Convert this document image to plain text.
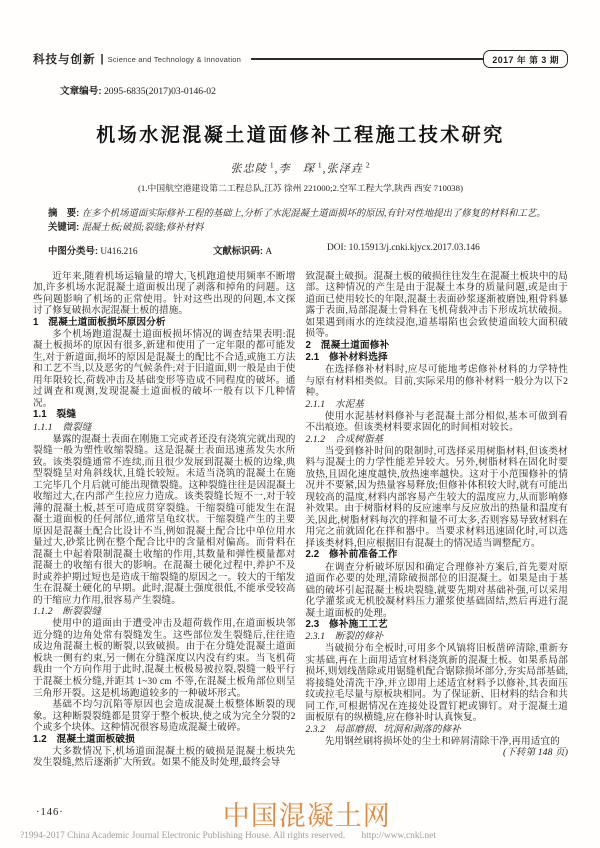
科技与创新 | Science and Technology & Innovation	2017 年 第 3 期
文章编号: 2095-6835(2017)03-0146-02
机场水泥混凝土道面修补工程施工技术研究
张忠陵 $^1$,李　琛 $^1$,张泽垚 $^2$
(1.中国航空港建设第二工程总队,江苏 徐州 221000;2.空军工程大学,陕西 西安 710038)
摘　要: 在多个机场道面实际修补工程的基础上,分析了水泥混凝土道面损坏的原因,有针对性地提出了修复的材料和工艺。
关键词: 混凝土板;破损;裂缝;修补材料
中图分类号: U416.216	文献标识码: A	DOI: 10.15913/j.cnki.kjycx.2017.03.146
近年来,随着机场运输量的增大,飞机跑道使用频率不断增加,许多机场水泥混凝土道面板出现了剥落和掉角的问题。这些问题影响了机场的正常使用。针对这些出现的问题,本文探讨了修复破损水泥混凝土板的措施。
1　混凝土道面板损坏原因分析
多个机场跑道混凝土道面板损坏情况的调查结果表明:混凝土板损坏的原因有很多,新建和使用了一定年限的都可能发生,对于新道面,损坏的原因是混凝土的配比不合适,或施工方法和工艺不当,以及恶劣的气候条件;对于旧道面,则一般是由于使用年限较长,荷载冲击及基础变形等造成不同程度的破坏。通过调查和观测,发现混凝土道面板的破坏一般有以下几种情况。
1.1　裂缝
1.1.1　微裂缝
暴露的混凝土表面在刚施工完或者还没有浇筑完就出现的裂缝一般为塑性收缩裂缝。这是混凝土表面迅速蒸发失水所致。该类裂缝通常不连续,而且很少发展到混凝土板的边缘,典型裂缝呈对角斜线状,且缝长较短。未适当浇筑的混凝土在施工完毕几个月后就可能出现微裂缝。这种裂缝往往是因混凝土收缩过大,在内部产生拉应力造成。该类裂缝长短不一,对于较薄的混凝土板,甚至可造成贯穿裂缝。干缩裂缝可能发生在混凝土道面板的任何部位,通常呈龟纹状。干缩裂缝产生的主要原因是混凝土配合比设计不当,例如混凝土配合比中单位用水量过大,砂浆比例在整个配合比中的含量相对偏高。而骨料在混凝土中起着限制混凝土收缩的作用,其数量和弹性模量都对混凝土的收缩有很大的影响。在混凝土硬化过程中,养护不及时或养护期过短也是造成干缩裂缝的原因之一。较大的干缩发生在混凝土硬化的早期。此时,混凝土强度很低,不能承受较高的干缩应力作用,很容易产生裂缝。
1.1.2　断裂裂缝
使用中的道面由于遭受冲击及超荷载作用,在道面板块邻近分缝的边角处常有裂缝发生。这些部位发生裂缝后,往往造成边角混凝土板的断裂,以致破损。由于在分缝处混凝土道面板块一侧有约束,另一侧在分缝深度以内没有约束。当飞机荷载由一个方向作用于此时,混凝土板极易被拉裂,裂缝一般平行于混凝土板分缝,并距其 1~30 cm 不等,在混凝土板角部位则呈三角形开裂。这是机场跑道较多的一种破坏形式。
基础不均匀沉陷等原因也会造成混凝土板整体断裂的现象。这种断裂裂缝都是贯穿于整个板块,使之成为完全分裂的2个或多个块体。这种情况很容易造成混凝土破碎。
1.2　混凝土道面板破损
大多数情况下,机场道面混凝土板的破损是混凝土板块先发生裂缝,然后逐渐扩大所致。如果不能及时处理,最终会导
致混凝土破损。混凝土板的破损往往发生在混凝土板块中的局部。这种情况的产生是由于混凝土本身的质量问题,或是由于道面已使用较长的年限,混凝土表面砂浆逐渐被磨蚀,粗骨料暴露于表面,局部混凝土骨料在飞机荷载冲击下形成坑状破损。如果遇到雨水的连续浸泡,道基塌陷也会致使道面较大面积破损等。
2　混凝土道面修补
2.1　修补材料选择
在选择修补材料时,应尽可能地考虑修补材料的力学特性与原有材料相类似。目前,实际采用的修补材料一般分为以下2种。
2.1.1　水泥基
使用水泥基材料修补与老混凝土部分相似,基本可做到看不出痕迹。但该类材料要求固化的时间相对较长。
2.1.2　合成树脂基
当受到修补时间的限制时,可选择采用树脂材料,但该类材料与混凝土的力学性能差异较大。另外,树脂材料在固化时要放热,且固化速度越快,放热速率越快。这对于小范围修补的情况并不要紧,因为热量容易释放;但修补体积较大时,就有可能出现较高的温度,材料内部容易产生较大的温度应力,从而影响修补效果。由于树脂材料的反应速率与反应放出的热量和温度有关,因此,树脂材料每次的拌和量不可太多,否则容易导致材料在用完之前就固化在拌和器中。当要求材料迅速固化时,可以选择该类材料,但应根据旧有混凝土的情况适当调整配方。
2.2　修补前准备工作
在调查分析破坏原因和确定合理修补方案后,首先要对原道面作必要的处理,清除破损部位的旧混凝土。如果是由于基础的破坏引起混凝土板块裂缝,就要先期对基础补强,可以采用化学灌浆或无机胶凝材料压力灌浆使基础固结,然后再进行混凝土道面板的处理。
2.3　修补施工工艺
2.3.1　断裂的修补
当破损分布全板时,可用多个风镐将旧板凿碎清除,重新夯实基础,再在上面用适宜材料浇筑新的混凝土板。如果系局部损坏,则划线凿除或用锯缝机配合锯除损坏部分,夯实局部基础,将接缝处清洗干净,并立即用上述适宜材料予以修补,其表面压纹或拉毛尽量与原板块相同。为了保证新、旧材料的结合和共同工作,可根据情况在连接处设置钉耙或铆钉。对于混凝土道面板原有的纵横缝,应在修补时认真恢复。
2.3.2　局部磨损、坑洞和剥落的修补
先用钢丝刷将损坏处的尘土和碎屑清除干净,再用适宜的
(下转第 148 页)
·146·	中国混凝土网
?1994-2017 China Academic Journal Electronic Publishing House. All rights reserved. http://www.cnki.net
